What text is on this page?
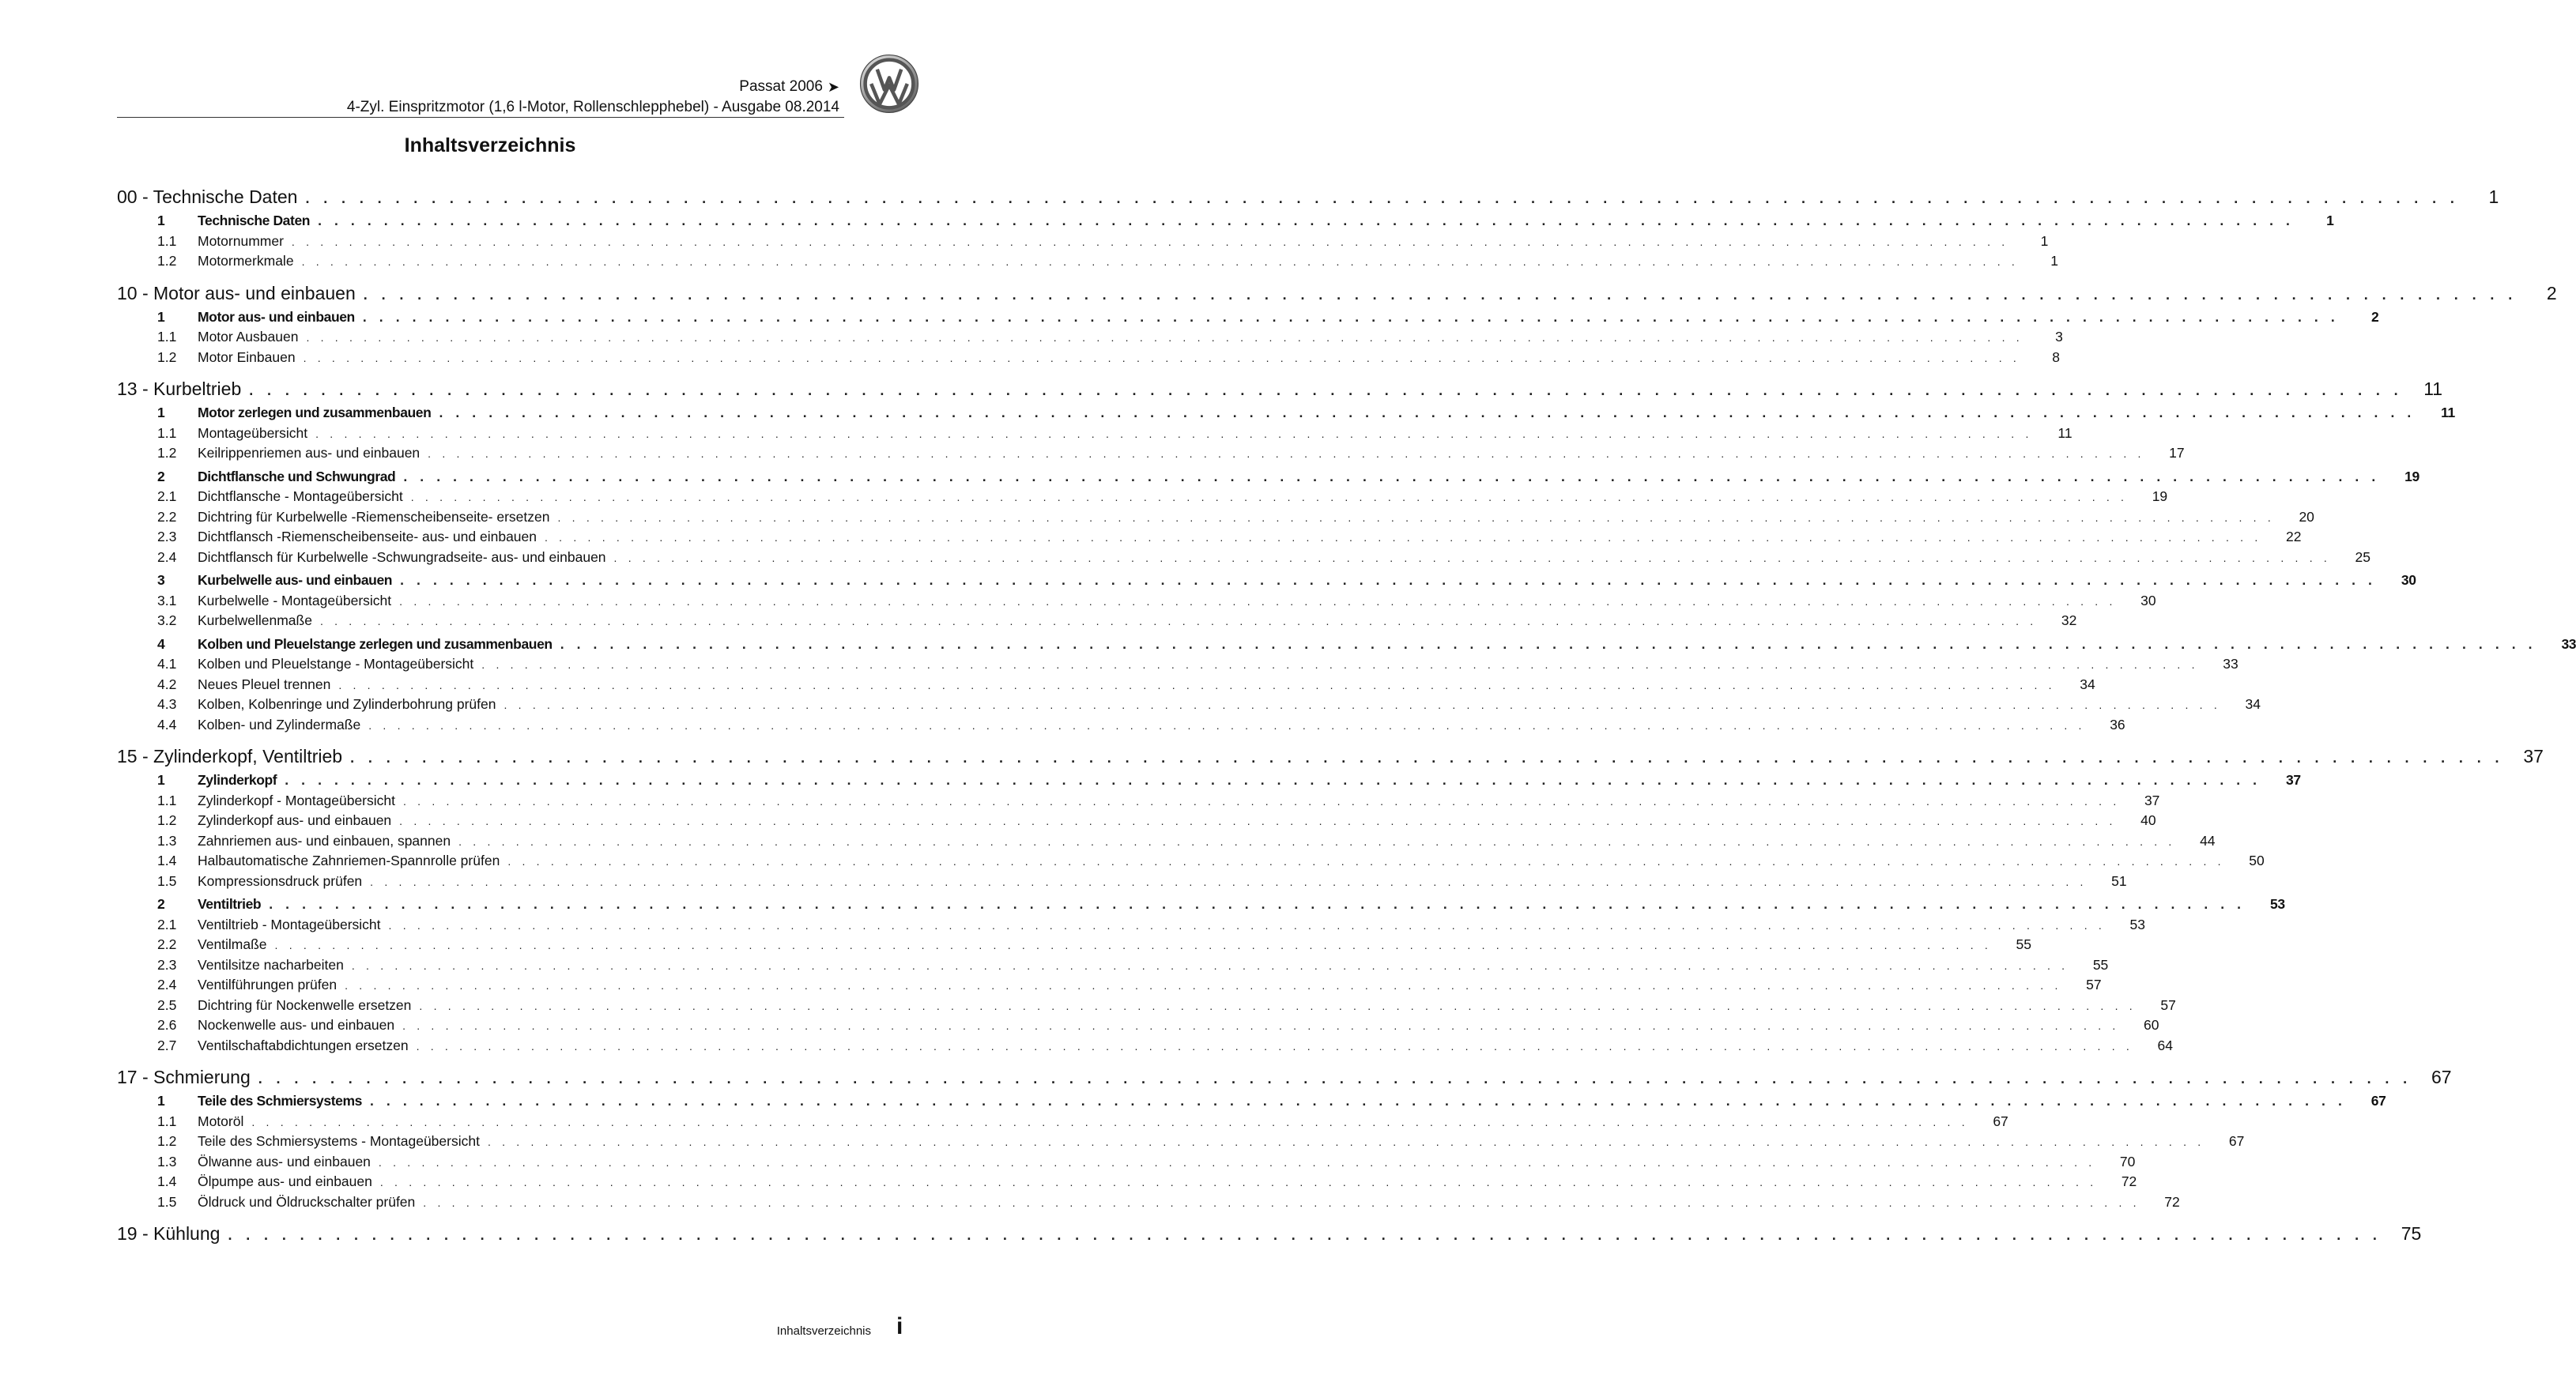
Passat 2006 ➤
4-Zyl. Einspritzmotor (1,6 l-Motor, Rollenschlepphebel) - Ausgabe 08.2014
Inhaltsverzeichnis
00 - Technische Daten . . . . . . . . . . . . . . . . . . . . . . . . . . . . . . . . . . . . . . . . . . . . . . . . . . . . . . . . . . . . . . . . . . . . . . . . . . . . . . . . . . . . . . . . . . . . . . . . . . . . . . . . . . . . . . . . . . . . . . . .	1
1	Technische Daten . . . . . . . . . . . . . . . . . . . . . . . . . . . . . . . . . . . . . . . . . . . . . . . . . . . . . . . . . . . . . . . . . . . . . . . . . . . . . . . . . . . . . . . . . . . . . . . . . . . . . . . . . . . . . . . . . . . . . . . .	1
1.1	Motornummer . . . . . . . . . . . . . . . . . . . . . . . . . . . . . . . . . . . . . . . . . . . . . . . . . . . . . . . . . . . . . . . . . . . . . . . . . . . . . . . . . . . . . . . . . . . . . . . . . . . . . . . . . . . . . . . . . . . . . . . .	1
1.2	Motormerkmale . . . . . . . . . . . . . . . . . . . . . . . . . . . . . . . . . . . . . . . . . . . . . . . . . . . . . . . . . . . . . . . . . . . . . . . . . . . . . . . . . . . . . . . . . . . . . . . . . . . . . . . . . . . . . . . . . . . . . . . .	1
10 - Motor aus- und einbauen . . . . . . . . . . . . . . . . . . . . . . . . . . . . . . . . . . . . . . . . . . . . . . . . . . . . . . . . . . . . . . . . . . . . . . . . . . . . . . . . . . . . . . . . . . . . . . . . . . . . . . . . . . . . . . . . . . . . . . . .	2
1	Motor aus- und einbauen . . . . . . . . . . . . . . . . . . . . . . . . . . . . . . . . . . . . . . . . . . . . . . . . . . . . . . . . . . . . . . . . . . . . . . . . . . . . . . . . . . . . . . . . . . . . . . . . . . . . . . . . . . . . . . . . . . . . . . . .	2
1.1	Motor Ausbauen . . . . . . . . . . . . . . . . . . . . . . . . . . . . . . . . . . . . . . . . . . . . . . . . . . . . . . . . . . . . . . . . . . . . . . . . . . . . . . . . . . . . . . . . . . . . . . . . . . . . . . . . . . . . . . . . . . . . . . . .	3
1.2	Motor Einbauen . . . . . . . . . . . . . . . . . . . . . . . . . . . . . . . . . . . . . . . . . . . . . . . . . . . . . . . . . . . . . . . . . . . . . . . . . . . . . . . . . . . . . . . . . . . . . . . . . . . . . . . . . . . . . . . . . . . . . . . .	8
13 - Kurbeltrieb . . . . . . . . . . . . . . . . . . . . . . . . . . . . . . . . . . . . . . . . . . . . . . . . . . . . . . . . . . . . . . . . . . . . . . . . . . . . . . . . . . . . . . . . . . . . . . . . . . . . . . . . . . . . . . . . . . . . . . . .	11
1	Motor zerlegen und zusammenbauen . . . . . . . . . . . . . . . . . . . . . . . . . . . . . . . . . . . . . . . . . . . . . . . . . . . . . . . . . . . . . . . . . . . . . . . . . . . . . . . . . . . . . . . . . . . . . . . . . . . . . . . . . . . . . . . . . . . . . . . .	11
1.1	Montageübersicht . . . . . . . . . . . . . . . . . . . . . . . . . . . . . . . . . . . . . . . . . . . . . . . . . . . . . . . . . . . . . . . . . . . . . . . . . . . . . . . . . . . . . . . . . . . . . . . . . . . . . . . . . . . . . . . . . . . . . . . .	11
1.2	Keilrippenriemen aus- und einbauen . . . . . . . . . . . . . . . . . . . . . . . . . . . . . . . . . . . . . . . . . . . . . . . . . . . . . . . . . . . . . . . . . . . . . . . . . . . . . . . . . . . . . . . . . . . . . . . . . . . . . . . . . . . . . . . . . . . . . . . .	17
2	Dichtflansche und Schwungrad . . . . . . . . . . . . . . . . . . . . . . . . . . . . . . . . . . . . . . . . . . . . . . . . . . . . . . . . . . . . . . . . . . . . . . . . . . . . . . . . . . . . . . . . . . . . . . . . . . . . . . . . . . . . . . . . . . . . . . . .	19
2.1	Dichtflansche - Montageübersicht . . . . . . . . . . . . . . . . . . . . . . . . . . . . . . . . . . . . . . . . . . . . . . . . . . . . . . . . . . . . . . . . . . . . . . . . . . . . . . . . . . . . . . . . . . . . . . . . . . . . . . . . . . . . . . . . . . . . . . . .	19
2.2	Dichtring für Kurbelwelle -Riemenscheibenseite- ersetzen . . . . . . . . . . . . . . . . . . . . . . . . . . . . . . . . . . . . . . . . . . . . . . . . . . . . . . . . . . . . . . . . . . . . . . . . . . . . . . . . . . . . . . . . . . . . . . . . . . . . . . . . . . . . . . . . . . . . . . . .	20
2.3	Dichtflansch -Riemenscheibenseite- aus- und einbauen . . . . . . . . . . . . . . . . . . . . . . . . . . . . . . . . . . . . . . . . . . . . . . . . . . . . . . . . . . . . . . . . . . . . . . . . . . . . . . . . . . . . . . . . . . . . . . . . . . . . . . . . . . . . . . . . . . . . . . . .	22
2.4	Dichtflansch für Kurbelwelle -Schwungradseite- aus- und einbauen . . . . . . . . . . . . . . . . . . . . . . . . . . . . . . . . . . . . . . . . . . . . . . . . . . . . . . . . . . . . . . . . . . . . . . . . . . . . . . . . . . . . . . . . . . . . . . . . . . . . . . . . . . . . . . . . . . . . . . . .	25
3	Kurbelwelle aus- und einbauen . . . . . . . . . . . . . . . . . . . . . . . . . . . . . . . . . . . . . . . . . . . . . . . . . . . . . . . . . . . . . . . . . . . . . . . . . . . . . . . . . . . . . . . . . . . . . . . . . . . . . . . . . . . . . . . . . . . . . . . .	30
3.1	Kurbelwelle - Montageübersicht . . . . . . . . . . . . . . . . . . . . . . . . . . . . . . . . . . . . . . . . . . . . . . . . . . . . . . . . . . . . . . . . . . . . . . . . . . . . . . . . . . . . . . . . . . . . . . . . . . . . . . . . . . . . . . . . . . . . . . . .	30
3.2	Kurbelwellenmaße . . . . . . . . . . . . . . . . . . . . . . . . . . . . . . . . . . . . . . . . . . . . . . . . . . . . . . . . . . . . . . . . . . . . . . . . . . . . . . . . . . . . . . . . . . . . . . . . . . . . . . . . . . . . . . . . . . . . . . . .	32
4	Kolben und Pleuelstange zerlegen und zusammenbauen . . . . . . . . . . . . . . . . . . . . . . . . . . . . . . . . . . . . . . . . . . . . . . . . . . . . . . . . . . . . . . . . . . . . . . . . . . . . . . . . . . . . . . . . . . . . . . . . . . . . . . . . . . . . . . . . . . . . . . . .	33
4.1	Kolben und Pleuelstange - Montageübersicht . . . . . . . . . . . . . . . . . . . . . . . . . . . . . . . . . . . . . . . . . . . . . . . . . . . . . . . . . . . . . . . . . . . . . . . . . . . . . . . . . . . . . . . . . . . . . . . . . . . . . . . . . . . . . . . . . . . . . . . .	33
4.2	Neues Pleuel trennen . . . . . . . . . . . . . . . . . . . . . . . . . . . . . . . . . . . . . . . . . . . . . . . . . . . . . . . . . . . . . . . . . . . . . . . . . . . . . . . . . . . . . . . . . . . . . . . . . . . . . . . . . . . . . . . . . . . . . . . .	34
4.3	Kolben, Kolbenringe und Zylinderbohrung prüfen . . . . . . . . . . . . . . . . . . . . . . . . . . . . . . . . . . . . . . . . . . . . . . . . . . . . . . . . . . . . . . . . . . . . . . . . . . . . . . . . . . . . . . . . . . . . . . . . . . . . . . . . . . . . . . . . . . . . . . . .	34
4.4	Kolben- und Zylindermaße . . . . . . . . . . . . . . . . . . . . . . . . . . . . . . . . . . . . . . . . . . . . . . . . . . . . . . . . . . . . . . . . . . . . . . . . . . . . . . . . . . . . . . . . . . . . . . . . . . . . . . . . . . . . . . . . . . . . . . . .	36
15 - Zylinderkopf, Ventiltrieb . . . . . . . . . . . . . . . . . . . . . . . . . . . . . . . . . . . . . . . . . . . . . . . . . . . . . . . . . . . . . . . . . . . . . . . . . . . . . . . . . . . . . . . . . . . . . . . . . . . . . . . . . . . . . . . . . . . . . . . .	37
1	Zylinderkopf . . . . . . . . . . . . . . . . . . . . . . . . . . . . . . . . . . . . . . . . . . . . . . . . . . . . . . . . . . . . . . . . . . . . . . . . . . . . . . . . . . . . . . . . . . . . . . . . . . . . . . . . . . . . . . . . . . . . . . . .	37
1.1	Zylinderkopf - Montageübersicht . . . . . . . . . . . . . . . . . . . . . . . . . . . . . . . . . . . . . . . . . . . . . . . . . . . . . . . . . . . . . . . . . . . . . . . . . . . . . . . . . . . . . . . . . . . . . . . . . . . . . . . . . . . . . . . . . . . . . . . .	37
1.2	Zylinderkopf aus- und einbauen . . . . . . . . . . . . . . . . . . . . . . . . . . . . . . . . . . . . . . . . . . . . . . . . . . . . . . . . . . . . . . . . . . . . . . . . . . . . . . . . . . . . . . . . . . . . . . . . . . . . . . . . . . . . . . . . . . . . . . . .	40
1.3	Zahnriemen aus- und einbauen, spannen . . . . . . . . . . . . . . . . . . . . . . . . . . . . . . . . . . . . . . . . . . . . . . . . . . . . . . . . . . . . . . . . . . . . . . . . . . . . . . . . . . . . . . . . . . . . . . . . . . . . . . . . . . . . . . . . . . . . . . . .	44
1.4	Halbautomatische Zahnriemen-Spannrolle prüfen . . . . . . . . . . . . . . . . . . . . . . . . . . . . . . . . . . . . . . . . . . . . . . . . . . . . . . . . . . . . . . . . . . . . . . . . . . . . . . . . . . . . . . . . . . . . . . . . . . . . . . . . . . . . . . . . . . . . . . . .	50
1.5	Kompressionsdruck prüfen . . . . . . . . . . . . . . . . . . . . . . . . . . . . . . . . . . . . . . . . . . . . . . . . . . . . . . . . . . . . . . . . . . . . . . . . . . . . . . . . . . . . . . . . . . . . . . . . . . . . . . . . . . . . . . . . . . . . . . . .	51
2	Ventiltrieb . . . . . . . . . . . . . . . . . . . . . . . . . . . . . . . . . . . . . . . . . . . . . . . . . . . . . . . . . . . . . . . . . . . . . . . . . . . . . . . . . . . . . . . . . . . . . . . . . . . . . . . . . . . . . . . . . . . . . . . .	53
2.1	Ventiltrieb - Montageübersicht . . . . . . . . . . . . . . . . . . . . . . . . . . . . . . . . . . . . . . . . . . . . . . . . . . . . . . . . . . . . . . . . . . . . . . . . . . . . . . . . . . . . . . . . . . . . . . . . . . . . . . . . . . . . . . . . . . . . . . . .	53
2.2	Ventilmaße . . . . . . . . . . . . . . . . . . . . . . . . . . . . . . . . . . . . . . . . . . . . . . . . . . . . . . . . . . . . . . . . . . . . . . . . . . . . . . . . . . . . . . . . . . . . . . . . . . . . . . . . . . . . . . . . . . . . . . . .	55
2.3	Ventilsitze nacharbeiten . . . . . . . . . . . . . . . . . . . . . . . . . . . . . . . . . . . . . . . . . . . . . . . . . . . . . . . . . . . . . . . . . . . . . . . . . . . . . . . . . . . . . . . . . . . . . . . . . . . . . . . . . . . . . . . . . . . . . . . .	55
2.4	Ventilführungen prüfen . . . . . . . . . . . . . . . . . . . . . . . . . . . . . . . . . . . . . . . . . . . . . . . . . . . . . . . . . . . . . . . . . . . . . . . . . . . . . . . . . . . . . . . . . . . . . . . . . . . . . . . . . . . . . . . . . . . . . . . .	57
2.5	Dichtring für Nockenwelle ersetzen . . . . . . . . . . . . . . . . . . . . . . . . . . . . . . . . . . . . . . . . . . . . . . . . . . . . . . . . . . . . . . . . . . . . . . . . . . . . . . . . . . . . . . . . . . . . . . . . . . . . . . . . . . . . . . . . . . . . . . . .	57
2.6	Nockenwelle aus- und einbauen . . . . . . . . . . . . . . . . . . . . . . . . . . . . . . . . . . . . . . . . . . . . . . . . . . . . . . . . . . . . . . . . . . . . . . . . . . . . . . . . . . . . . . . . . . . . . . . . . . . . . . . . . . . . . . . . . . . . . . . .	60
2.7	Ventilschaftabdichtungen ersetzen . . . . . . . . . . . . . . . . . . . . . . . . . . . . . . . . . . . . . . . . . . . . . . . . . . . . . . . . . . . . . . . . . . . . . . . . . . . . . . . . . . . . . . . . . . . . . . . . . . . . . . . . . . . . . . . . . . . . . . . .	64
17 - Schmierung . . . . . . . . . . . . . . . . . . . . . . . . . . . . . . . . . . . . . . . . . . . . . . . . . . . . . . . . . . . . . . . . . . . . . . . . . . . . . . . . . . . . . . . . . . . . . . . . . . . . . . . . . . . . . . . . . . . . . . . .	67
1	Teile des Schmiersystems . . . . . . . . . . . . . . . . . . . . . . . . . . . . . . . . . . . . . . . . . . . . . . . . . . . . . . . . . . . . . . . . . . . . . . . . . . . . . . . . . . . . . . . . . . . . . . . . . . . . . . . . . . . . . . . . . . . . . . . .	67
1.1	Motoröl . . . . . . . . . . . . . . . . . . . . . . . . . . . . . . . . . . . . . . . . . . . . . . . . . . . . . . . . . . . . . . . . . . . . . . . . . . . . . . . . . . . . . . . . . . . . . . . . . . . . . . . . . . . . . . . . . . . . . . . .	67
1.2	Teile des Schmiersystems - Montageübersicht . . . . . . . . . . . . . . . . . . . . . . . . . . . . . . . . . . . . . . . . . . . . . . . . . . . . . . . . . . . . . . . . . . . . . . . . . . . . . . . . . . . . . . . . . . . . . . . . . . . . . . . . . . . . . . . . . . . . . . . .	67
1.3	Ölwanne aus- und einbauen . . . . . . . . . . . . . . . . . . . . . . . . . . . . . . . . . . . . . . . . . . . . . . . . . . . . . . . . . . . . . . . . . . . . . . . . . . . . . . . . . . . . . . . . . . . . . . . . . . . . . . . . . . . . . . . . . . . . . . . .	70
1.4	Ölpumpe aus- und einbauen . . . . . . . . . . . . . . . . . . . . . . . . . . . . . . . . . . . . . . . . . . . . . . . . . . . . . . . . . . . . . . . . . . . . . . . . . . . . . . . . . . . . . . . . . . . . . . . . . . . . . . . . . . . . . . . . . . . . . . . .	72
1.5	Öldruck und Öldruckschalter prüfen . . . . . . . . . . . . . . . . . . . . . . . . . . . . . . . . . . . . . . . . . . . . . . . . . . . . . . . . . . . . . . . . . . . . . . . . . . . . . . . . . . . . . . . . . . . . . . . . . . . . . . . . . . . . . . . . . . . . . . . .	72
19 - Kühlung . . . . . . . . . . . . . . . . . . . . . . . . . . . . . . . . . . . . . . . . . . . . . . . . . . . . . . . . . . . . . . . . . . . . . . . . . . . . . . . . . . . . . . . . . . . . . . . . . . . . . . . . . . . . . . . . . . . . . . . .	75
Inhaltsverzeichnis i
